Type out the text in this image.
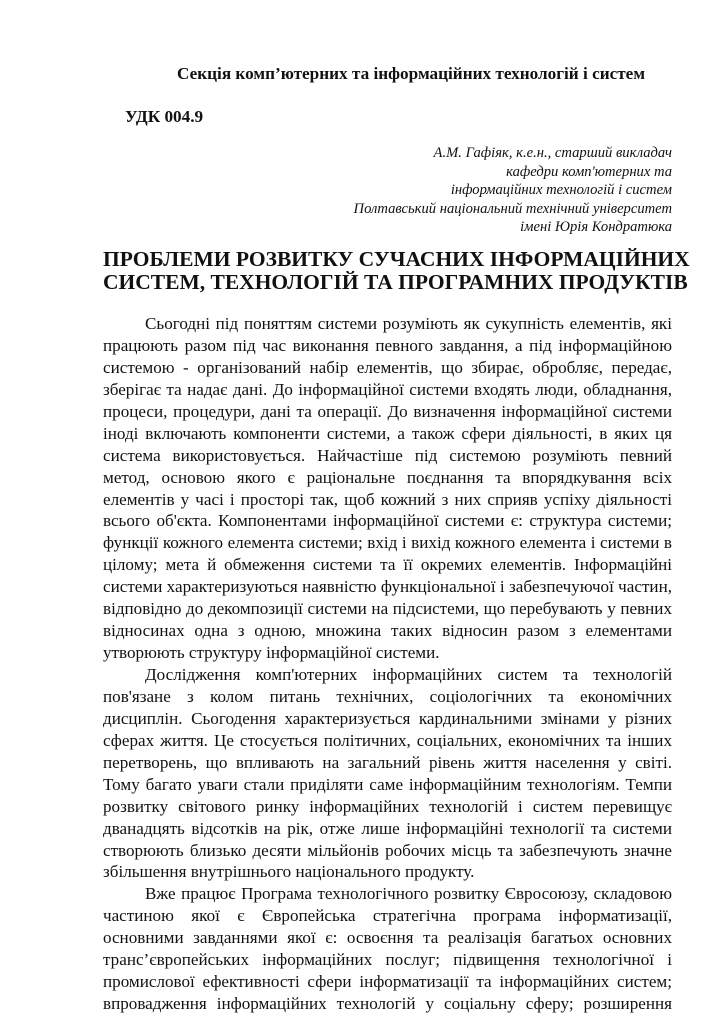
Секція комп’ютерних та інформаційних технологій і систем
УДК 004.9
А.М. Гафіяк, к.е.н., старший викладач
кафедри комп'ютерних та
інформаційних технологій і систем
Полтавський національний технічний університет
імені Юрія Кондратюка
ПРОБЛЕМИ РОЗВИТКУ СУЧАСНИХ ІНФОРМАЦІЙНИХ
СИСТЕМ, ТЕХНОЛОГІЙ ТА ПРОГРАМНИХ ПРОДУКТІВ
Сьогодні під поняттям системи розуміють як сукупність елементів, які
працюють разом під час виконання певного завдання, а під інформаційною
системою - організований набір елементів, що збирає, обробляє, передає,
зберігає та надає дані. До інформаційної системи входять люди, обладнання,
процеси, процедури, дані та операції. До визначення інформаційної системи
іноді включають компоненти системи, а також сфери діяльності, в яких ця
система використовується. Найчастіше під системою розуміють певний
метод, основою якого є раціональне поєднання та впорядкування всіх
елементів у часі і просторі так, щоб кожний з них сприяв успіху діяльності
всього об'єкта. Компонентами інформаційної системи є: структура системи;
функції кожного елемента системи; вхід і вихід кожного елемента і системи в
цілому; мета й обмеження системи та її окремих елементів. Інформаційні
системи характеризуються наявністю функціональної і забезпечуючої частин,
відповідно до декомпозиції системи на підсистеми, що перебувають у певних
відносинах одна з одною, множина таких відносин разом з елементами
утворюють структуру інформаційної системи.
Дослідження комп'ютерних інформаційних систем та технологій
пов'язане з колом питань технічних, соціологічних та економічних
дисциплін. Сьогодення характеризується кардинальними змінами у різних
сферах життя. Це стосується політичних, соціальних, економічних та інших
перетворень, що впливають на загальний рівень життя населення у світі.
Тому багато уваги стали приділяти саме інформаційним технологіям. Темпи
розвитку світового ринку інформаційних технологій і систем перевищує
дванадцять відсотків на рік, отже лише інформаційні технології та системи
створюють близько десяти мільйонів робочих місць та забезпечують значне
збільшення внутрішнього національного продукту.
Вже працює Програма технологічного розвитку Євросоюзу, складовою
частиною якої є Європейська стратегічна програма інформатизації,
основними завданнями якої є: освоєння та реалізація багатьох основних
транс’європейських інформаційних послуг; підвищення технологічної і
промислової ефективності сфери інформатизації та інформаційних систем;
впровадження інформаційних технологій у соціальну сферу; розширення
